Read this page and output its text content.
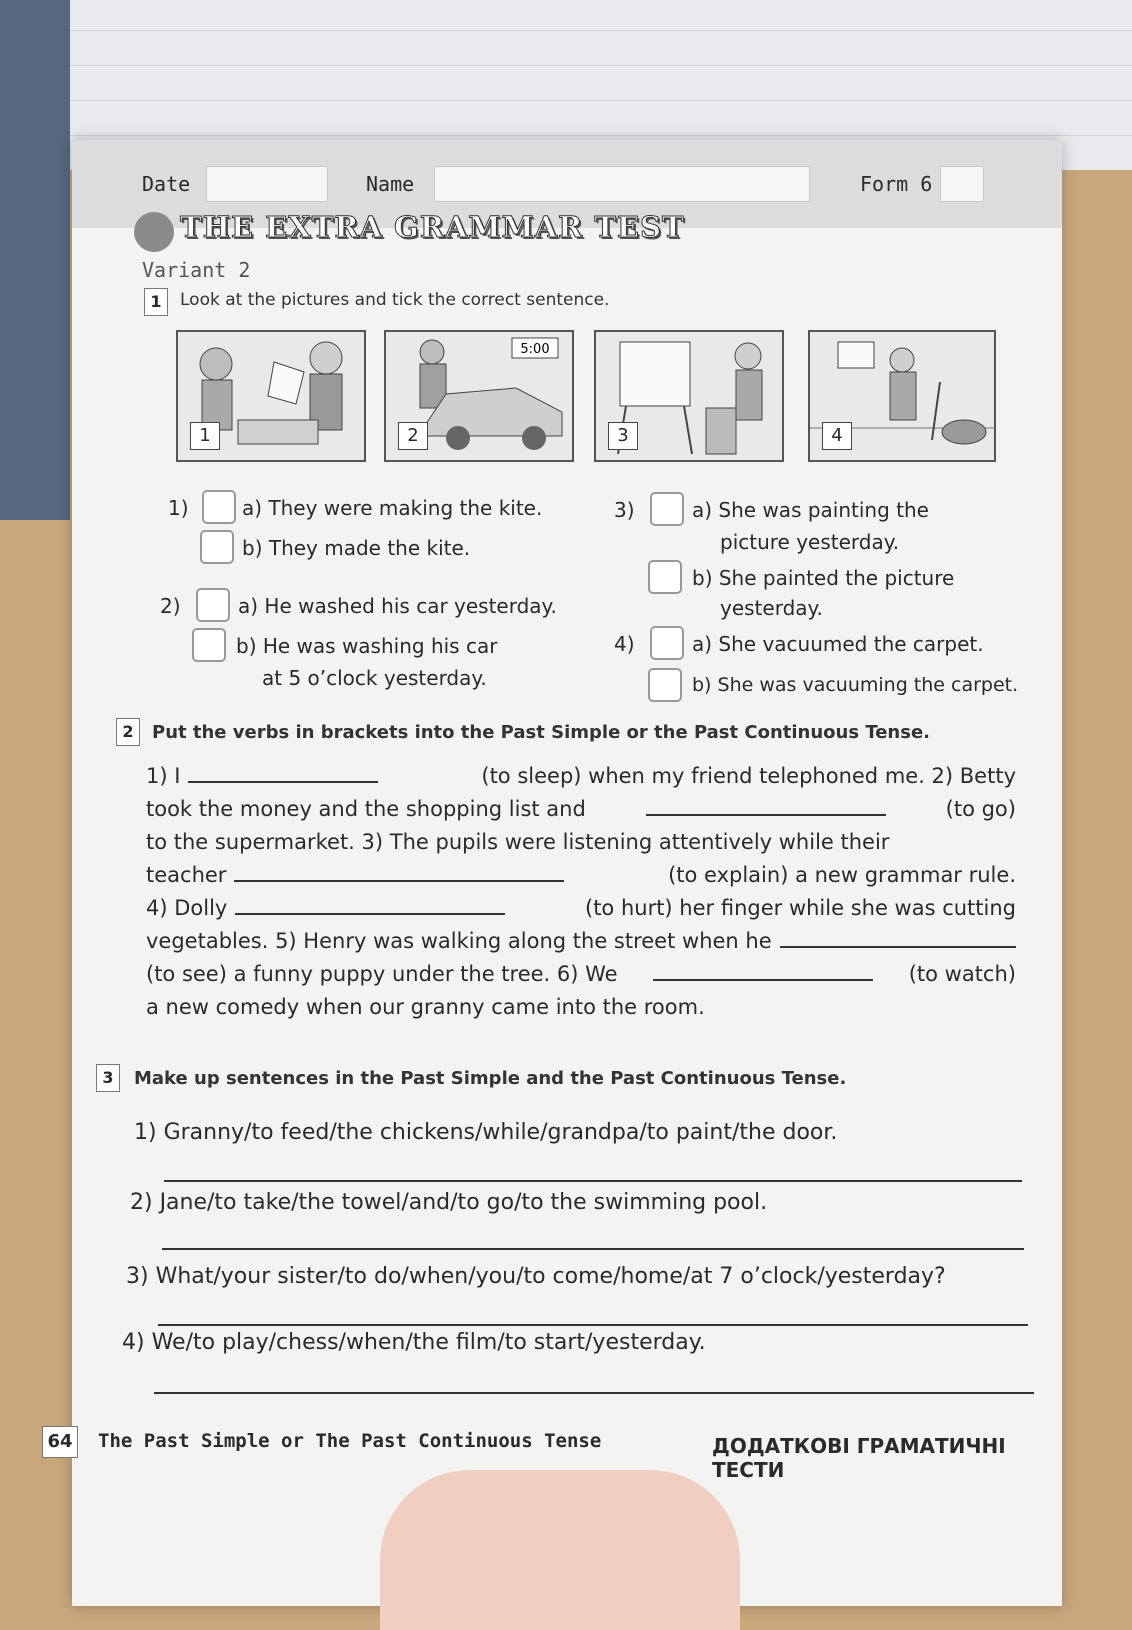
Date	Name	Form 6
THE EXTRA GRAMMAR TEST
Variant 2
1	Look at the pictures and tick the correct sentence.
1
5:00
2	3	4
1)	a) They were making the kite.
b) They made the kite.
2)	a) He washed his car yesterday.
b) He was washing his car
at 5 o’clock yesterday.
3)	a) She was painting the
picture yesterday.
b) She painted the picture
yesterday.
4)	a) She vacuumed the carpet.
b) She was vacuuming the carpet.
2	Put the verbs in brackets into the Past Simple or the Past Continuous Tense.
1) I	(to sleep) when my friend telephoned me. 2) Betty
took the money and the shopping list and	(to go)
to the supermarket. 3) The pupils were listening attentively while their
teacher	(to explain) a new grammar rule.
4) Dolly	(to hurt) her finger while she was cutting
vegetables. 5) Henry was walking along the street when he
(to see) a funny puppy under the tree. 6) We	(to watch)
a new comedy when our granny came into the room.
3	Make up sentences in the Past Simple and the Past Continuous Tense.
1) Granny/to feed/the chickens/while/grandpa/to paint/the door.
2) Jane/to take/the towel/and/to go/to the swimming pool.
3) What/your sister/to do/when/you/to come/home/at 7 o’clock/yesterday?
4) We/to play/chess/when/the film/to start/yesterday.
64 The Past Simple or The Past Continuous Tense	ДОДАТКОВІ ГРАМАТИЧНІ ТЕСТИ
